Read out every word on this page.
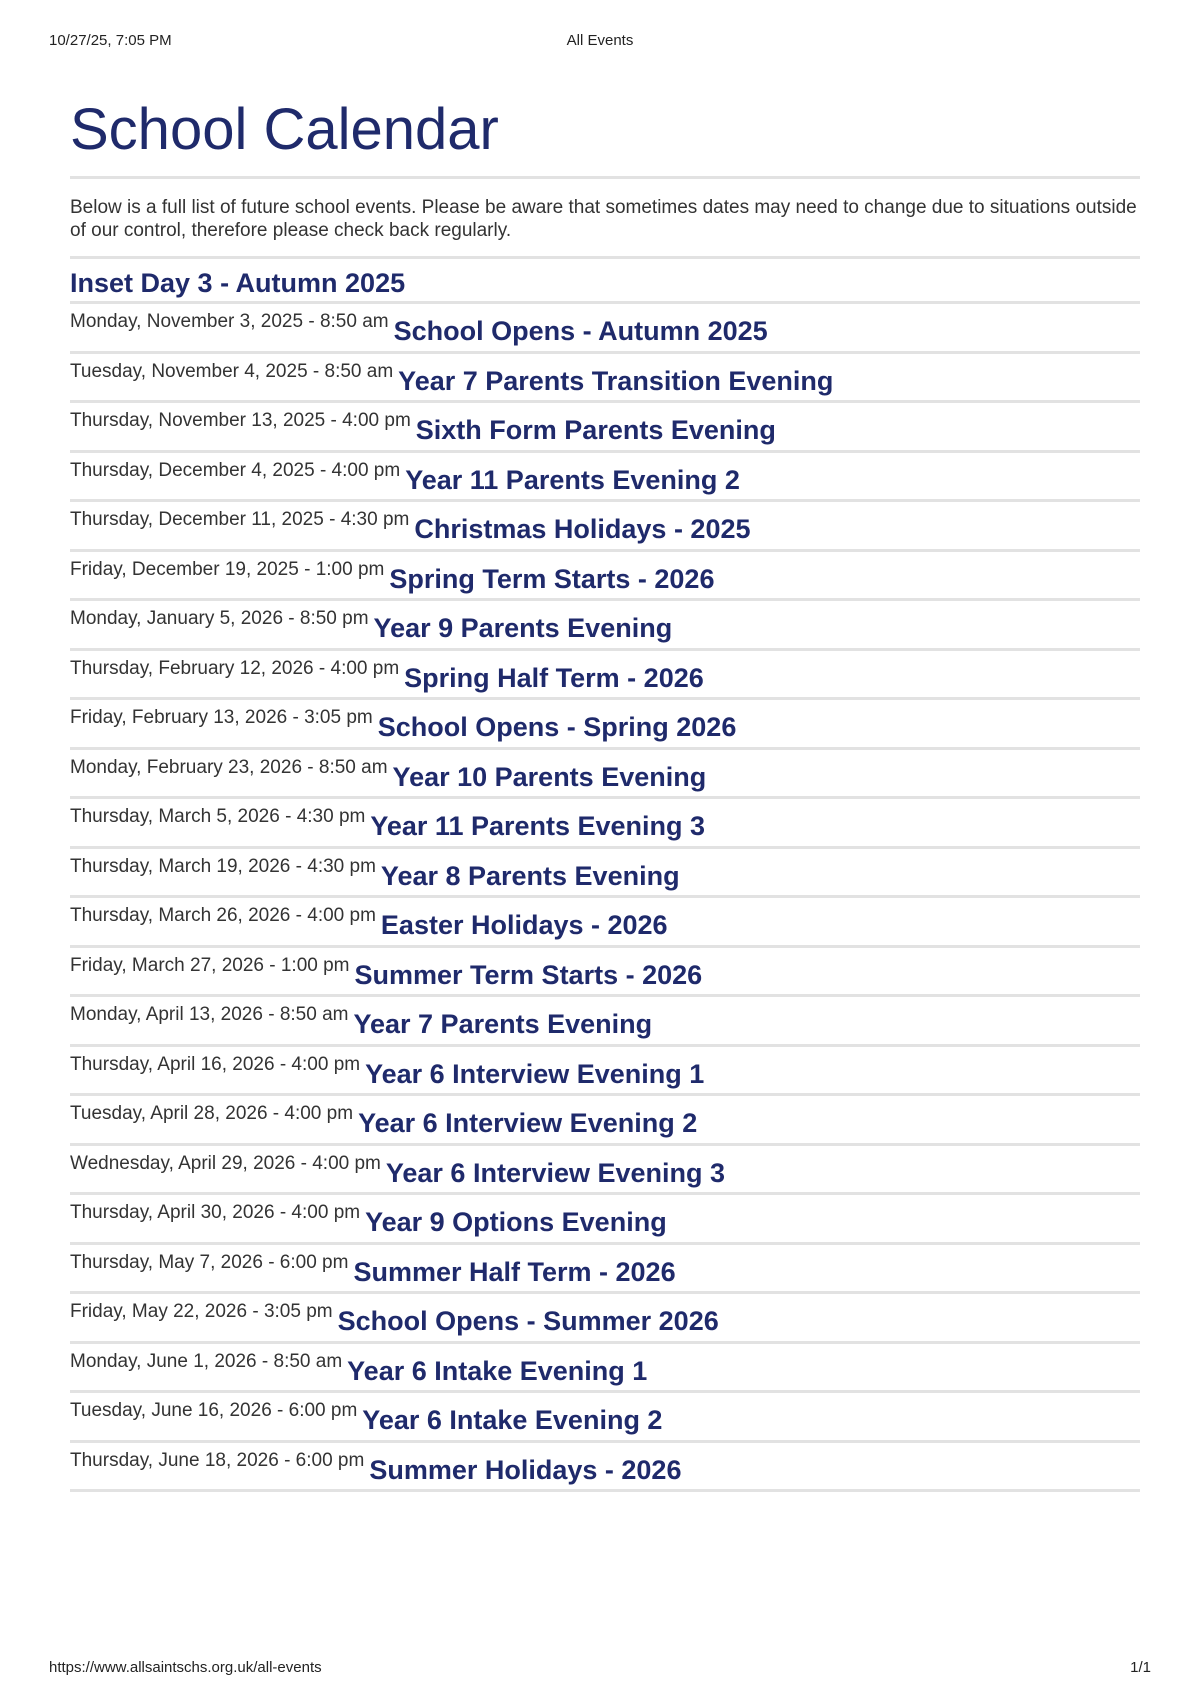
10/27/25, 7:05 PM	All Events
School Calendar

Below is a full list of future school events. Please be aware that sometimes dates may need to change due to situations outside of our control, therefore please check back regularly.

Inset Day 3 - Autumn 2025
Monday, November 3, 2025 - 8:50 am School Opens - Autumn 2025
Tuesday, November 4, 2025 - 8:50 am Year 7 Parents Transition Evening
Thursday, November 13, 2025 - 4:00 pm Sixth Form Parents Evening
Thursday, December 4, 2025 - 4:00 pm Year 11 Parents Evening 2
Thursday, December 11, 2025 - 4:30 pm Christmas Holidays - 2025
Friday, December 19, 2025 - 1:00 pm Spring Term Starts - 2026
Monday, January 5, 2026 - 8:50 pm Year 9 Parents Evening
Thursday, February 12, 2026 - 4:00 pm Spring Half Term - 2026
Friday, February 13, 2026 - 3:05 pm School Opens - Spring 2026
Monday, February 23, 2026 - 8:50 am Year 10 Parents Evening
Thursday, March 5, 2026 - 4:30 pm Year 11 Parents Evening 3
Thursday, March 19, 2026 - 4:30 pm Year 8 Parents Evening
Thursday, March 26, 2026 - 4:00 pm Easter Holidays - 2026
Friday, March 27, 2026 - 1:00 pm Summer Term Starts - 2026
Monday, April 13, 2026 - 8:50 am Year 7 Parents Evening
Thursday, April 16, 2026 - 4:00 pm Year 6 Interview Evening 1
Tuesday, April 28, 2026 - 4:00 pm Year 6 Interview Evening 2
Wednesday, April 29, 2026 - 4:00 pm Year 6 Interview Evening 3
Thursday, April 30, 2026 - 4:00 pm Year 9 Options Evening
Thursday, May 7, 2026 - 6:00 pm Summer Half Term - 2026
Friday, May 22, 2026 - 3:05 pm School Opens - Summer 2026
Monday, June 1, 2026 - 8:50 am Year 6 Intake Evening 1
Tuesday, June 16, 2026 - 6:00 pm Year 6 Intake Evening 2
Thursday, June 18, 2026 - 6:00 pm Summer Holidays - 2026
https://www.allsaintschs.org.uk/all-events	1/1
